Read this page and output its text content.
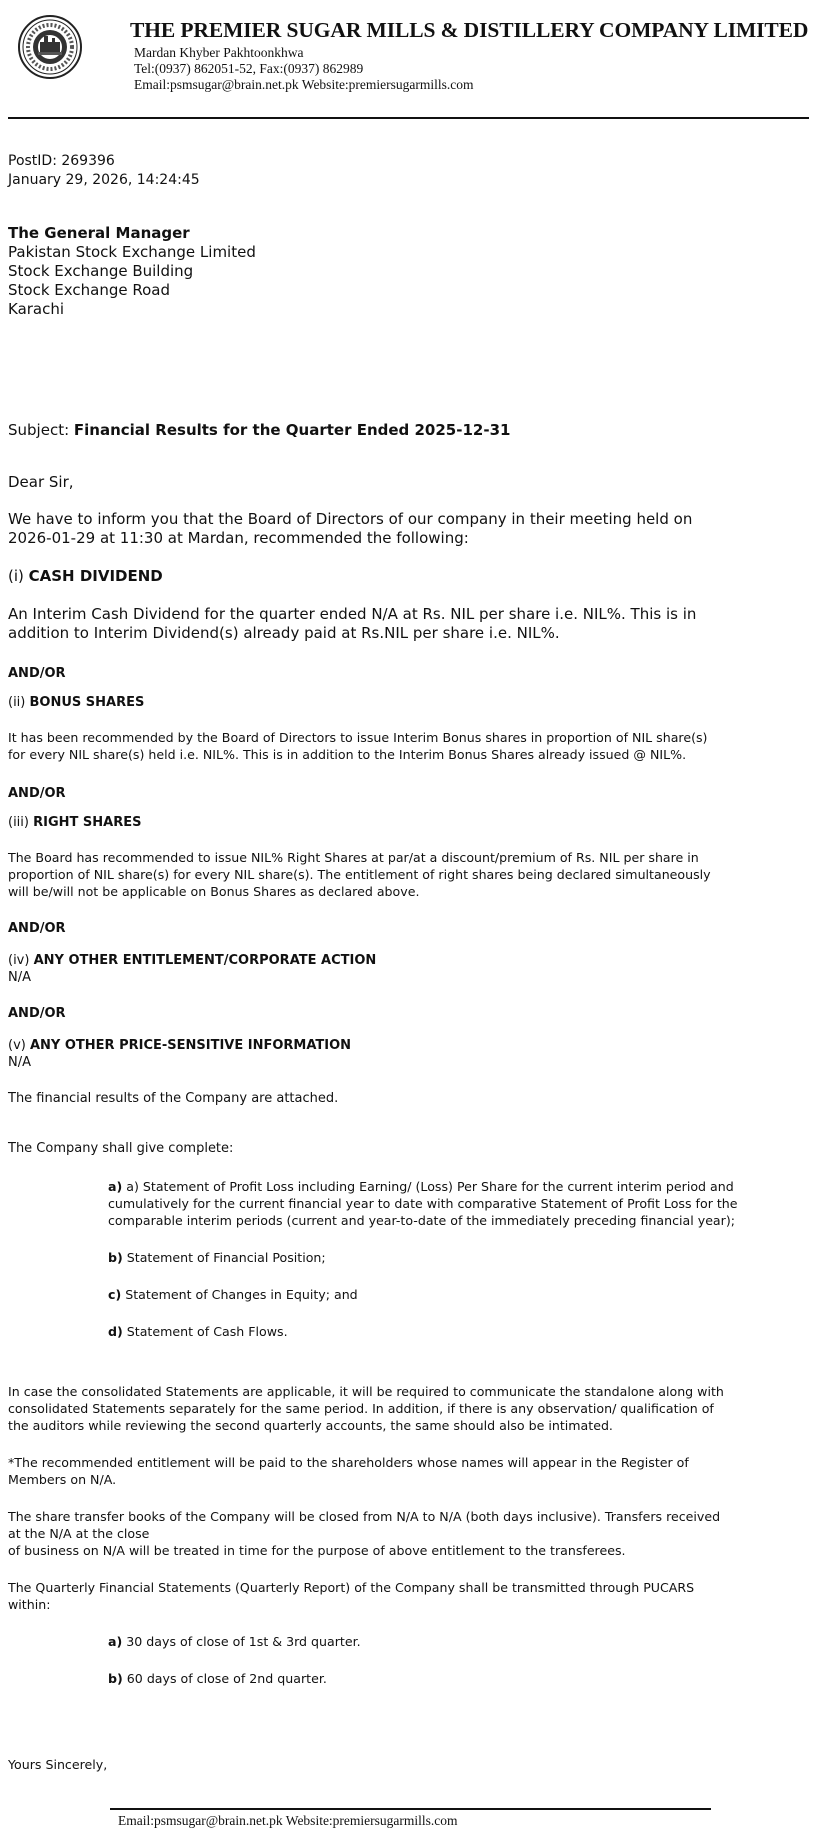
THE PREMIER SUGAR MILLS & DISTILLERY COMPANY LIMITED
Mardan Khyber Pakhtoonkhwa
Tel:(0937) 862051-52, Fax:(0937) 862989
Email:psmsugar@brain.net.pk Website:premiersugarmills.com
PostID: 269396
January 29, 2026, 14:24:45
The General Manager
Pakistan Stock Exchange Limited
Stock Exchange Building
Stock Exchange Road
Karachi
Subject: Financial Results for the Quarter Ended 2025-12-31
Dear Sir,
We have to inform you that the Board of Directors of our company in their meeting held on
2026-01-29 at 11:30 at Mardan, recommended the following:
(i) CASH DIVIDEND
An Interim Cash Dividend for the quarter ended N/A at Rs. NIL per share i.e. NIL%. This is in
addition to Interim Dividend(s) already paid at Rs.NIL per share i.e. NIL%.
AND/OR
(ii) BONUS SHARES
It has been recommended by the Board of Directors to issue Interim Bonus shares in proportion of NIL share(s)
for every NIL share(s) held i.e. NIL%. This is in addition to the Interim Bonus Shares already issued @ NIL%.
AND/OR
(iii) RIGHT SHARES
The Board has recommended to issue NIL% Right Shares at par/at a discount/premium of Rs. NIL per share in
proportion of NIL share(s) for every NIL share(s). The entitlement of right shares being declared simultaneously
will be/will not be applicable on Bonus Shares as declared above.
AND/OR
(iv) ANY OTHER ENTITLEMENT/CORPORATE ACTION
N/A
AND/OR
(v) ANY OTHER PRICE-SENSITIVE INFORMATION
N/A
The financial results of the Company are attached.
The Company shall give complete:
a) a) Statement of Profit Loss including Earning/ (Loss) Per Share for the current interim period and
cumulatively for the current financial year to date with comparative Statement of Profit Loss for the
comparable interim periods (current and year-to-date of the immediately preceding financial year);
b) Statement of Financial Position;
c) Statement of Changes in Equity; and
d) Statement of Cash Flows.
In case the consolidated Statements are applicable, it will be required to communicate the standalone along with
consolidated Statements separately for the same period. In addition, if there is any observation/ qualification of
the auditors while reviewing the second quarterly accounts, the same should also be intimated.
*The recommended entitlement will be paid to the shareholders whose names will appear in the Register of
Members on N/A.
The share transfer books of the Company will be closed from N/A to N/A (both days inclusive). Transfers received
at the N/A at the close
of business on N/A will be treated in time for the purpose of above entitlement to the transferees.
The Quarterly Financial Statements (Quarterly Report) of the Company shall be transmitted through PUCARS
within:
a) 30 days of close of 1st & 3rd quarter.
b) 60 days of close of 2nd quarter.
Yours Sincerely,
Email:psmsugar@brain.net.pk Website:premiersugarmills.com
